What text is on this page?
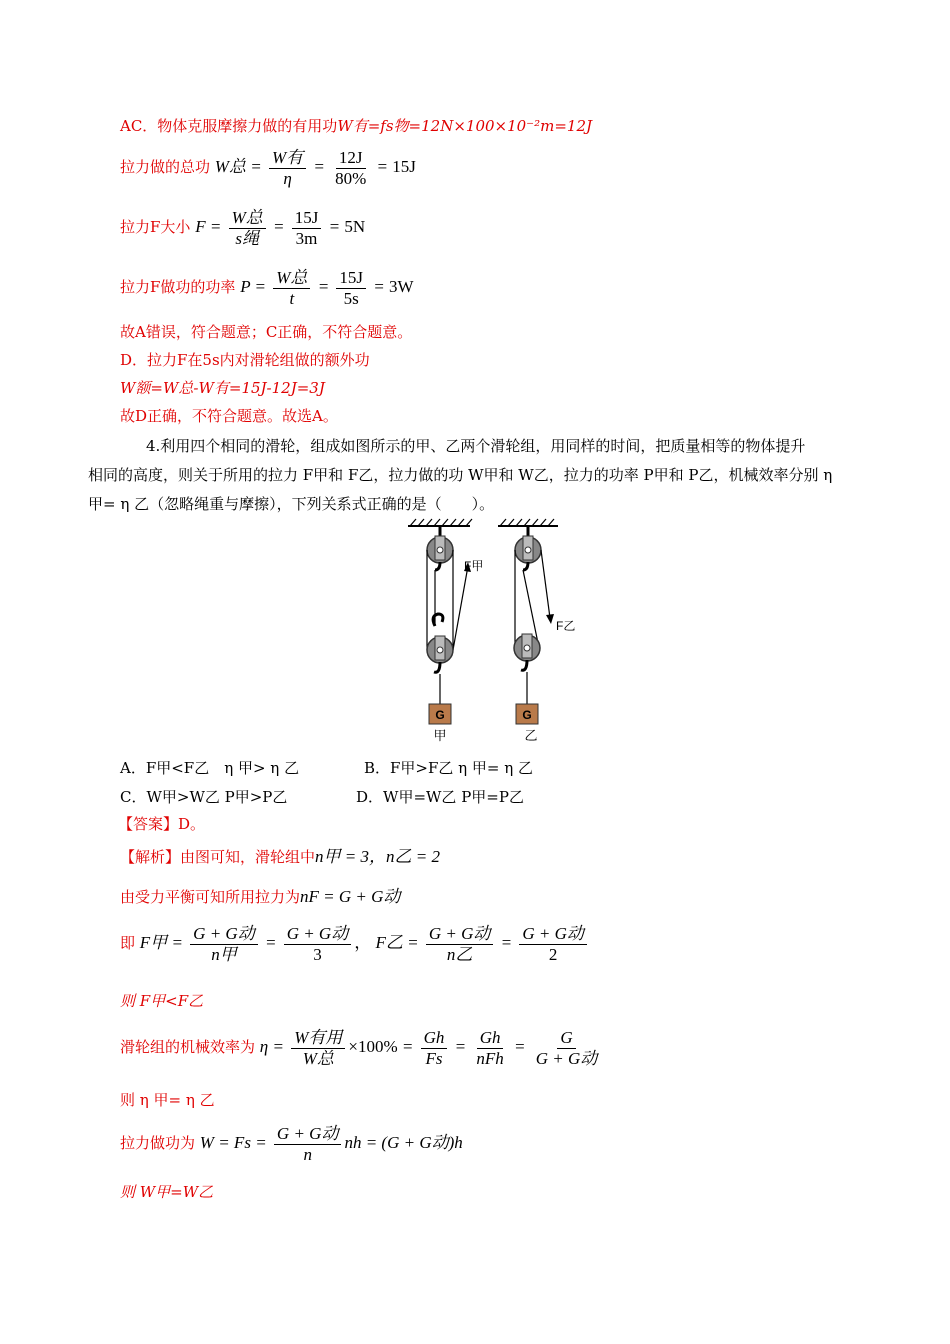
AC．物体克服摩擦力做的有用功W有=fs物=12N×100×10⁻²m=12J
拉力做的总功 W总 = $\frac{\text{W有}}{\eta} = \frac{12J}{80\%} = 15J$
拉力F大小 $F = \frac{\text{W总}}{\text{s绳}} = \frac{15J}{3m} = 5N$
拉力F做功的功率 $P = \frac{\text{W总}}{t} = \frac{15J}{5s} = 3W$
故A错误，符合题意；C正确，不符合题意。
D．拉力F在5s内对滑轮组做的额外功
W额=W总-W有=15J-12J=3J
故D正确，不符合题意。故选A。
4.利用四个相同的滑轮，组成如图所示的甲、乙两个滑轮组，用同样的时间，把质量相等的物体提升
相同的高度，则关于所用的拉力 F甲和 F乙，拉力做的功 W甲和 W乙，拉力的功率 P甲和 P乙，机械效率分别 η
甲= η 乙（忽略绳重与摩擦），下列关系式正确的是（　　）。
F甲
G
甲
F乙
G
乙
A．F甲<F乙　η 甲> η 乙	B．F甲>F乙 η 甲= η 乙
C．W甲>W乙 P甲>P乙	D．W甲=W乙 P甲=P乙
【答案】D。
【解析】由图可知，滑轮组中n甲 = 3，n乙 = 2
由受力平衡可知所用拉力为nF = G + G动
即 F甲 = $\frac{\text{G + G动}}{\text{n甲}} = \frac{\text{G + G动}}{3}$ ， F乙 = $\frac{\text{G + G动}}{\text{n乙}} = \frac{\text{G + G动}}{2}$
则 F甲<F乙
滑轮组的机械效率为 $\eta = \frac{\text{W有用}}{\text{W总}} \times 100\% = \frac{Gh}{Fs} = \frac{Gh}{\text{nFh}} = \frac{G}{\text{G + G动}}$
则 η 甲= η 乙
拉力做功为 $W = Fs = \frac{\text{G + G动}}{n}$ nh = (G + G动)h
则 W甲=W乙
